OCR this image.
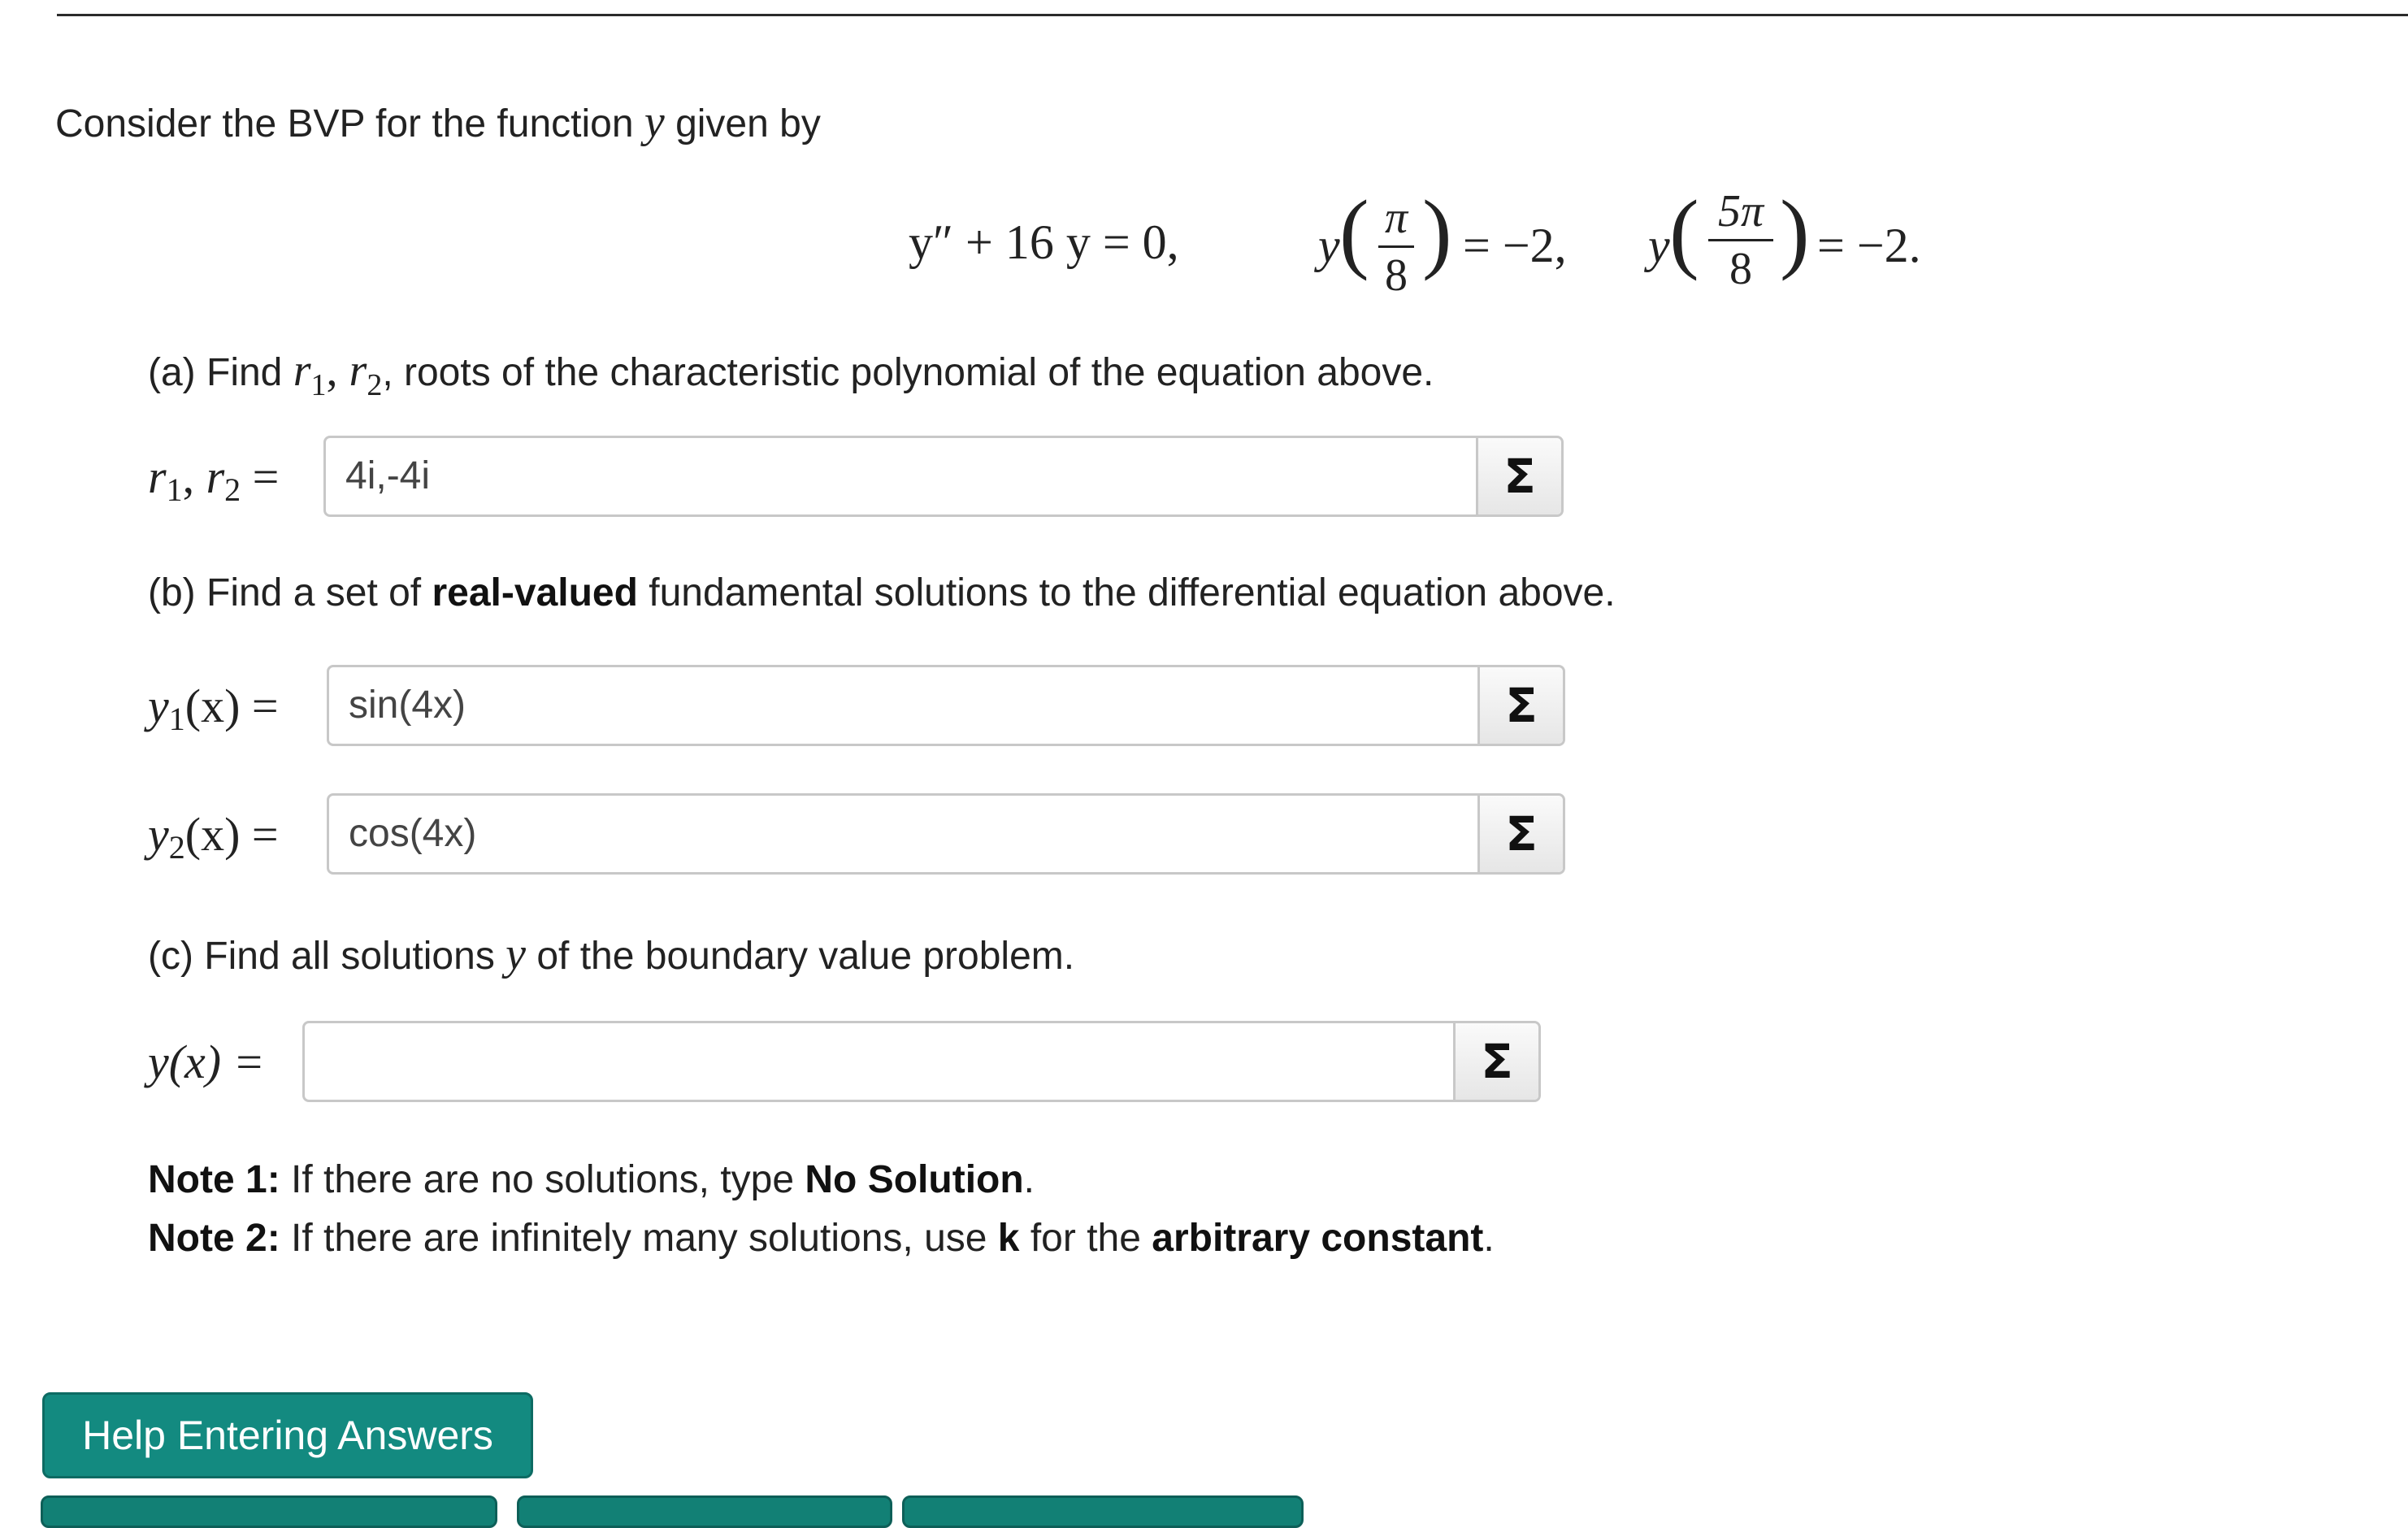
Consider the BVP for the function y given by
y″ + 16 y = 0,	y ( π
8 ) = −2, y ( 5π
8 ) = −2.
(a) Find $r_1$, $r_2$, roots of the characteristic polynomial of the equation above.
$r_1$, $r_2$ =
4i,-4i	Σ
(b) Find a set of real-valued fundamental solutions to the differential equation above.
$y_1(x)$ =
sin(4x)	Σ
$y_2(x)$ =
cos(4x)	Σ
(c) Find all solutions y of the boundary value problem.
y(x) =	Σ
Note 1: If there are no solutions, type No Solution.
Note 2: If there are infinitely many solutions, use k for the arbitrary constant.
Help Entering Answers
